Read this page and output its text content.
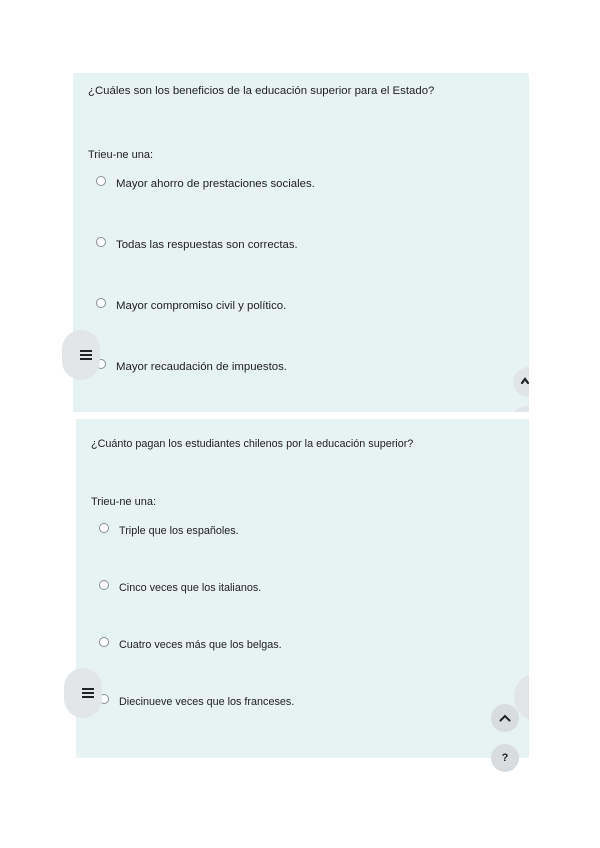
¿Cuáles son los beneficios de la educación superior para el Estado?
Trieu-ne una:
Mayor ahorro de prestaciones sociales.
Todas las respuestas son correctas.
Mayor compromiso civil y político.
Mayor recaudación de impuestos.
¿Cuánto pagan los estudiantes chilenos por la educación superior?
Trieu-ne una:
Triple que los españoles.
Cinco veces que los italianos.
Cuatro veces más que los belgas.
Diecinueve veces que los franceses.
?
